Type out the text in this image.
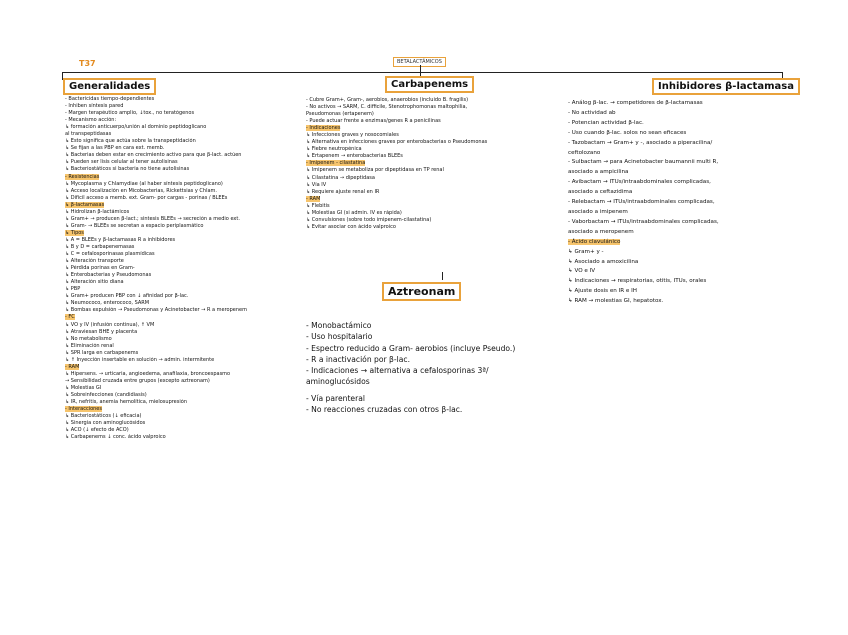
T37	BETALACTÁMICOS
Generalidades	Carbapenems	Inhibidores β-lactamasa
Aztreonam
- Bactericidas tiempo-dependientes
- Inhiben síntesis pared
- Margen terapéutico amplio, ↓tox., no teratógenos
- Mecanismo acción:
↳ formación anticuerpo/unión al dominio peptidoglicano
al transpeptidasas
↳ Esto significa que actúa sobre la transpeptidación
↳ Se fijan a las PBP en cara ext. memb.
↳ Bacterias deben estar en crecimiento activo para que β-lact. actúen
↳ Pueden ser lisis celular al tener autolisinas
↳ Bacteriostáticos si bacteria no tiene autolisinas
- Resistencias
↳ Mycoplasma y Chlamydiae (al haber síntesis peptidoglicano)
↳ Acceso localización en Micobacterias, Rickettsias y Chlam.
↳ Difícil acceso a memb. ext. Gram- por cargas - porinas / BLEEs
↳ β-lactamasas
↳ Hidrolizan β-lactámicos
↳ Gram+ → producen β-lact.; síntesis BLEEs → secreción a medio ext.
↳ Gram- → BLEEs se secretan a espacio periplasmático
↳ Tipos
↳ A = BLEEs y β-lactamasas R a inhibidores
↳ B y D = carbapenemasas
↳ C = cefalosporinasas plasmídicas
↳ Alteración transporte
↳ Pérdida porinas en Gram-
↳ Enterobacterias y Pseudomonas
↳ Alteración sitio diana
↳ PBP
↳ Gram+ producen PBP con ↓ afinidad por β-lac.
↳ Neumococo, enterococo, SARM
↳ Bombas expulsión → Pseudomonas y Acinetobacter → R a meropenem
- FC
↳ VO y IV (infusión continua), ↑ VM
↳ Atraviesan BHE y placenta
↳ No metabolismo
↳ Eliminación renal
↳ SPR larga en carbapenems
↳ ↑ Inyección insertable en solución → admin. intermitente
- RAM
↳ Hipersens. → urticaria, angioedema, anafilaxia, broncoespasmo
→ Sensibilidad cruzada entre grupos (excepto aztreonam)
↳ Molestias GI
↳ Sobreinfecciones (candidiasis)
↳ IR, nefritis, anemia hemolítica, mielosupresión
- Interacciones
↳ Bacteriostáticos (↓ eficacia)
↳ Sinergia con aminoglucósidos
↳ ACO (↓ efecto de ACO)
↳ Carbapenems ↓ conc. ácido valproico
- Cubre Gram+, Gram-, aerobios, anaerobios (incluido B. fragilis)
- No activos → SARM, C. difficile, Stenotrophomonas maltophilia,
Pseudomonas (ertapenem)
- Puede actuar frente a enzimas/genes R a penicilinas
- Indicaciones
↳ Infecciones graves y nosocomiales
↳ Alternativa en infecciones graves por enterobacterias o Pseudomonas
↳ Fiebre neutropénica
↳ Ertapenem → enterobacterias BLEEs
- Imipenem - cilastatina
↳ Imipenem se metaboliza por dipeptidasa en TP renal
↳ Cilastatina → dipeptidasa
↳ Vía IV
↳ Requiere ajuste renal en IR
- RAM
↳ Flebitis
↳ Molestias GI (si admin. IV es rápida)
↳ Convulsiones (sobre todo imipenem-cilastatina)
↳ Evitar asociar con ácido valproico
- Monobactámico
- Uso hospitalario
- Espectro reducido a Gram- aerobios (incluye Pseudo.)
- R a inactivación por β-lac.
- Indicaciones → alternativa a cefalosporinas 3ª/
aminoglucósidos
- Vía parenteral
- No reacciones cruzadas con otros β-lac.
- Análog β-lac. → competidores de β-lactamasas
- No actividad ab
- Potencian actividad β-lac.
- Uso cuando β-lac. solos no sean eficaces
- Tazobactam → Gram+ y -, asociado a piperacilina/
ceftolozano
- Sulbactam → para Acinetobacter baumannii multi R,
asociado a ampicilina
- Avibactam → ITUs/intraabdominales complicadas,
asociado a ceftazidima
- Relebactam → ITUs/intraabdominales complicadas,
asociado a imipenem
- Vaborbactam → ITUs/intraabdominales complicadas,
asociado a meropenem
- Ácido clavulánico
↳ Gram+ y -
↳ Asociado a amoxicilina
↳ VO e IV
↳ Indicaciones → respiratorias, otitis, ITUs, orales
↳ Ajuste dosis en IR e IH
↳ RAM → molestias GI, hepatotox.
